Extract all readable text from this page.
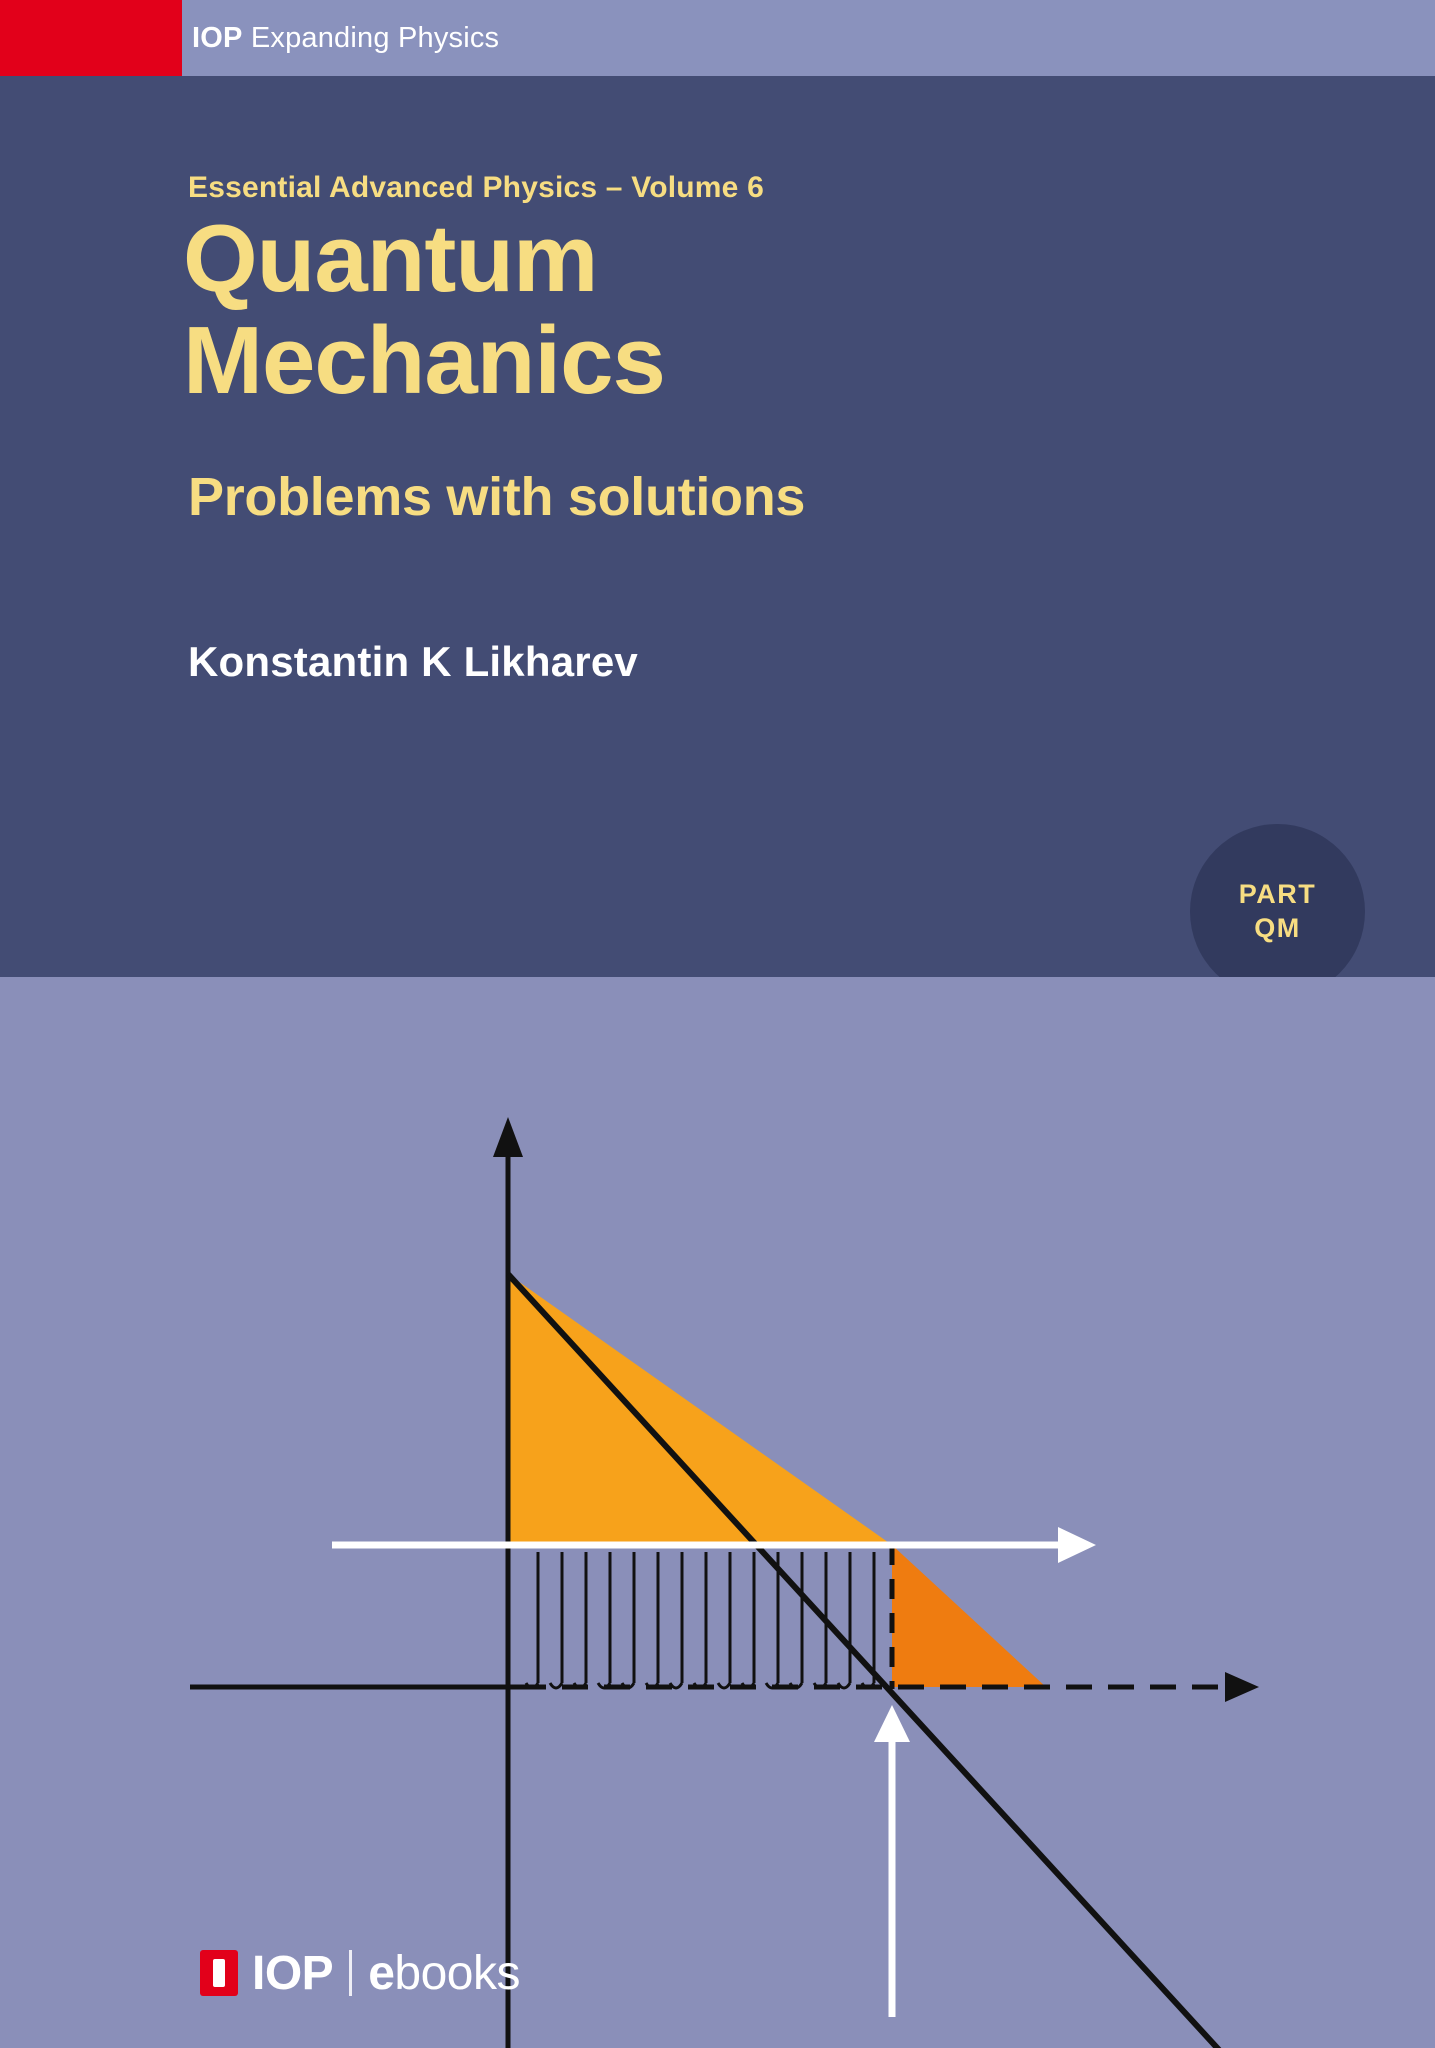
IOP Expanding Physics
Essential Advanced Physics – Volume 6
Quantum
Mechanics
Problems with solutions
Konstantin K Likharev
PART
QM
IOP ebooks
